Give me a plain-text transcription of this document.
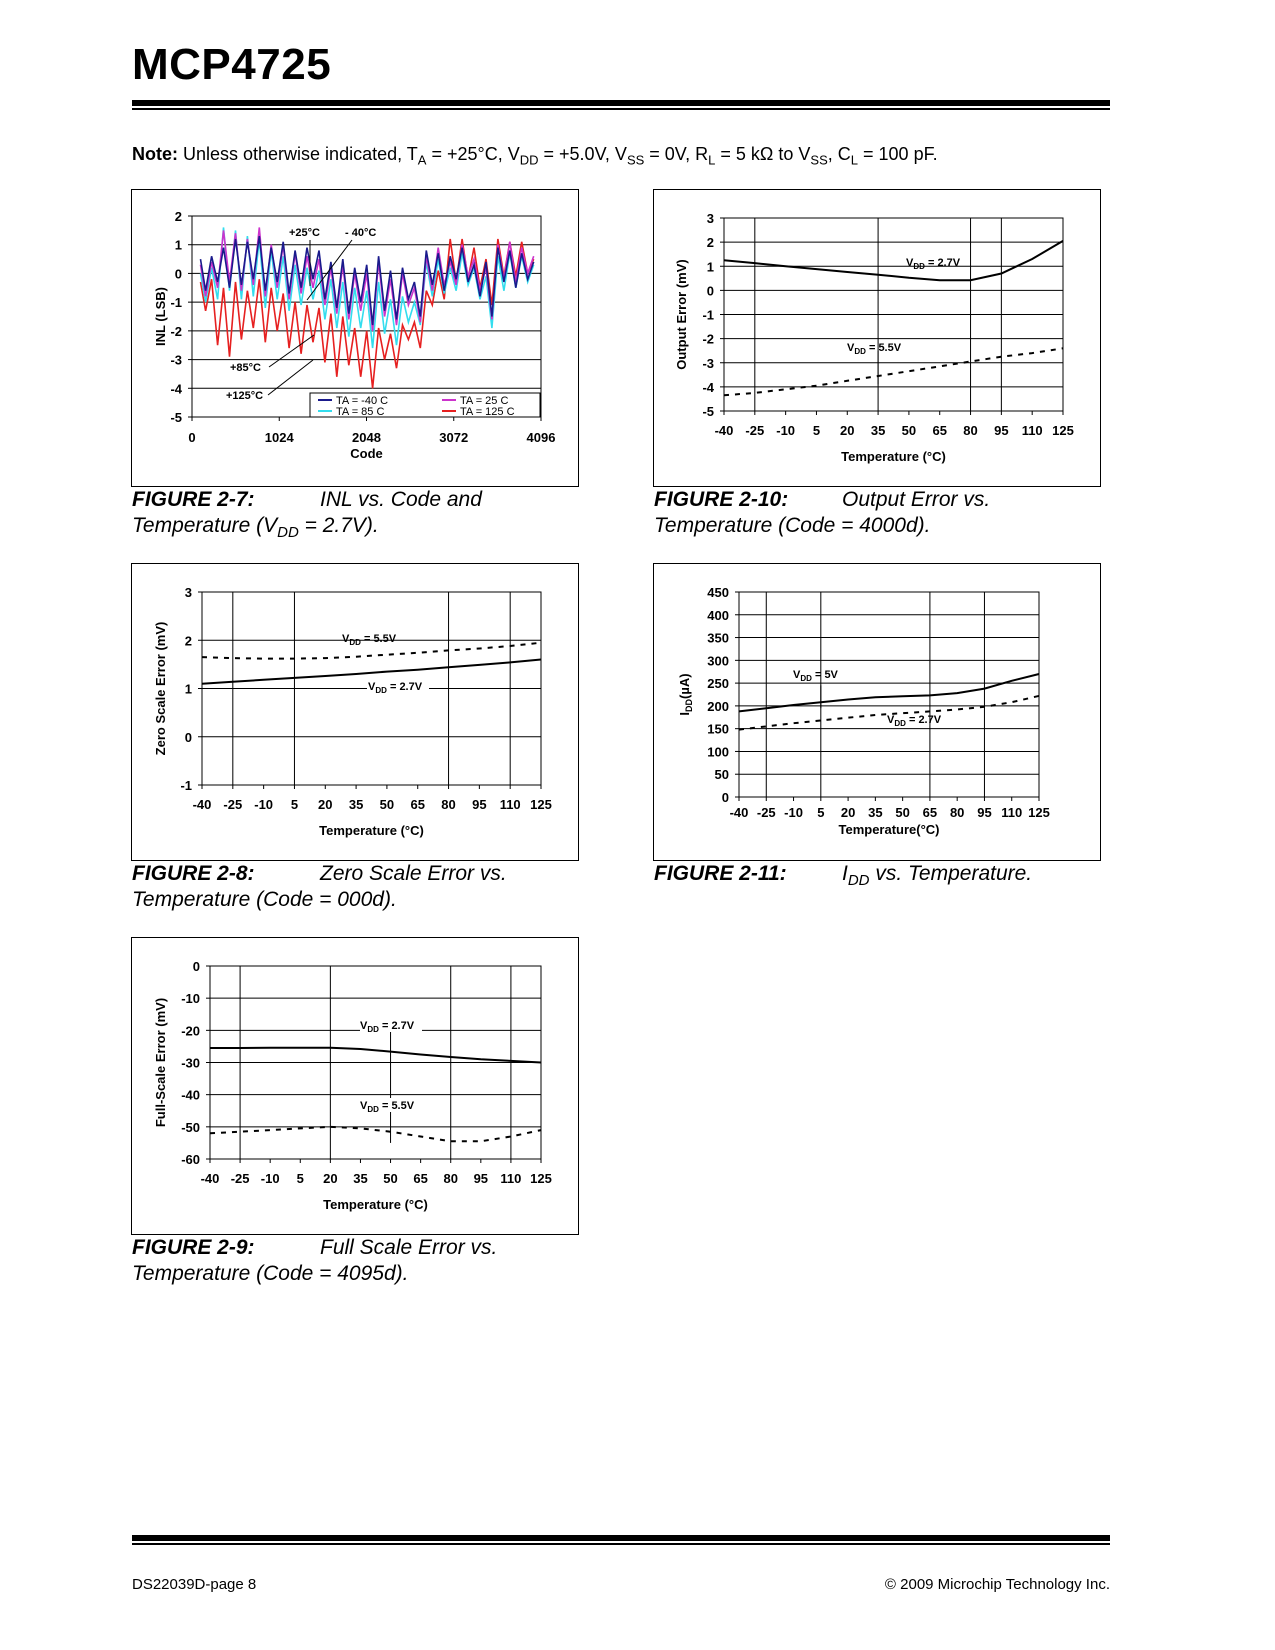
MCP4725
Note: Unless otherwise indicated, $T_A = +25^\circ C$, $V_{DD} = +5.0V$, $V_{SS} = 0V$, $R_L = 5$ kΩ to $V_{SS}$, $C_L = 100$ pF.
2
1
0
-1
-2
-3
-4
-5
0	1024	2048	3072	4096
TA = -40 C	TA = 25 C
TA = 85 C	TA = 125 C
+25°C - 40°C
+85°C
+125°C
Code
INL (LSB)
3
2
1
0
-1
-2
-3
-4
-5
-40 -25 -10 5 20 35 50 65 80 95 110 125
Temperature (°C)
Output Error (mV)	$V_{DD} = 2.7V$
$V_{DD} = 5.5V$
3
2
1
0
-1
-40 -25 -10 5 20 35 50 65 80 95 110 125
Temperature (°C)
Zero Scale Error (mV)	$V_{DD} = 5.5V$
$V_{DD} = 2.7V$
450
400
350
300
250
200
150
100
50
0
-40 -25 -10 5 20 35 50 65 80 95 110 125
Temperature(°C)
$I_{DD}(\mu A)$	$V_{DD} = 5V$
$V_{DD} = 2.7V$
0
-10
-20
-30
-40
-50
-60
-40 -25 -10 5 20 35 50 65 80 95 110 125
Temperature (°C)
Full-Scale Error (mV)	$V_{DD} = 2.7V$
$V_{DD} = 5.5V$
FIGURE 2-7:	INL vs. Code and
Temperature $(V_{DD} = 2.7V)$.
FIGURE 2-10:	Output Error vs.
Temperature (Code = 4000d).
FIGURE 2-8:	Zero Scale Error vs.
Temperature (Code = 000d).
FIGURE 2-11:	$I_{DD}$ vs. Temperature.
FIGURE 2-9:	Full Scale Error vs.
Temperature (Code = 4095d).
DS22039D-page 8	© 2009 Microchip Technology Inc.
